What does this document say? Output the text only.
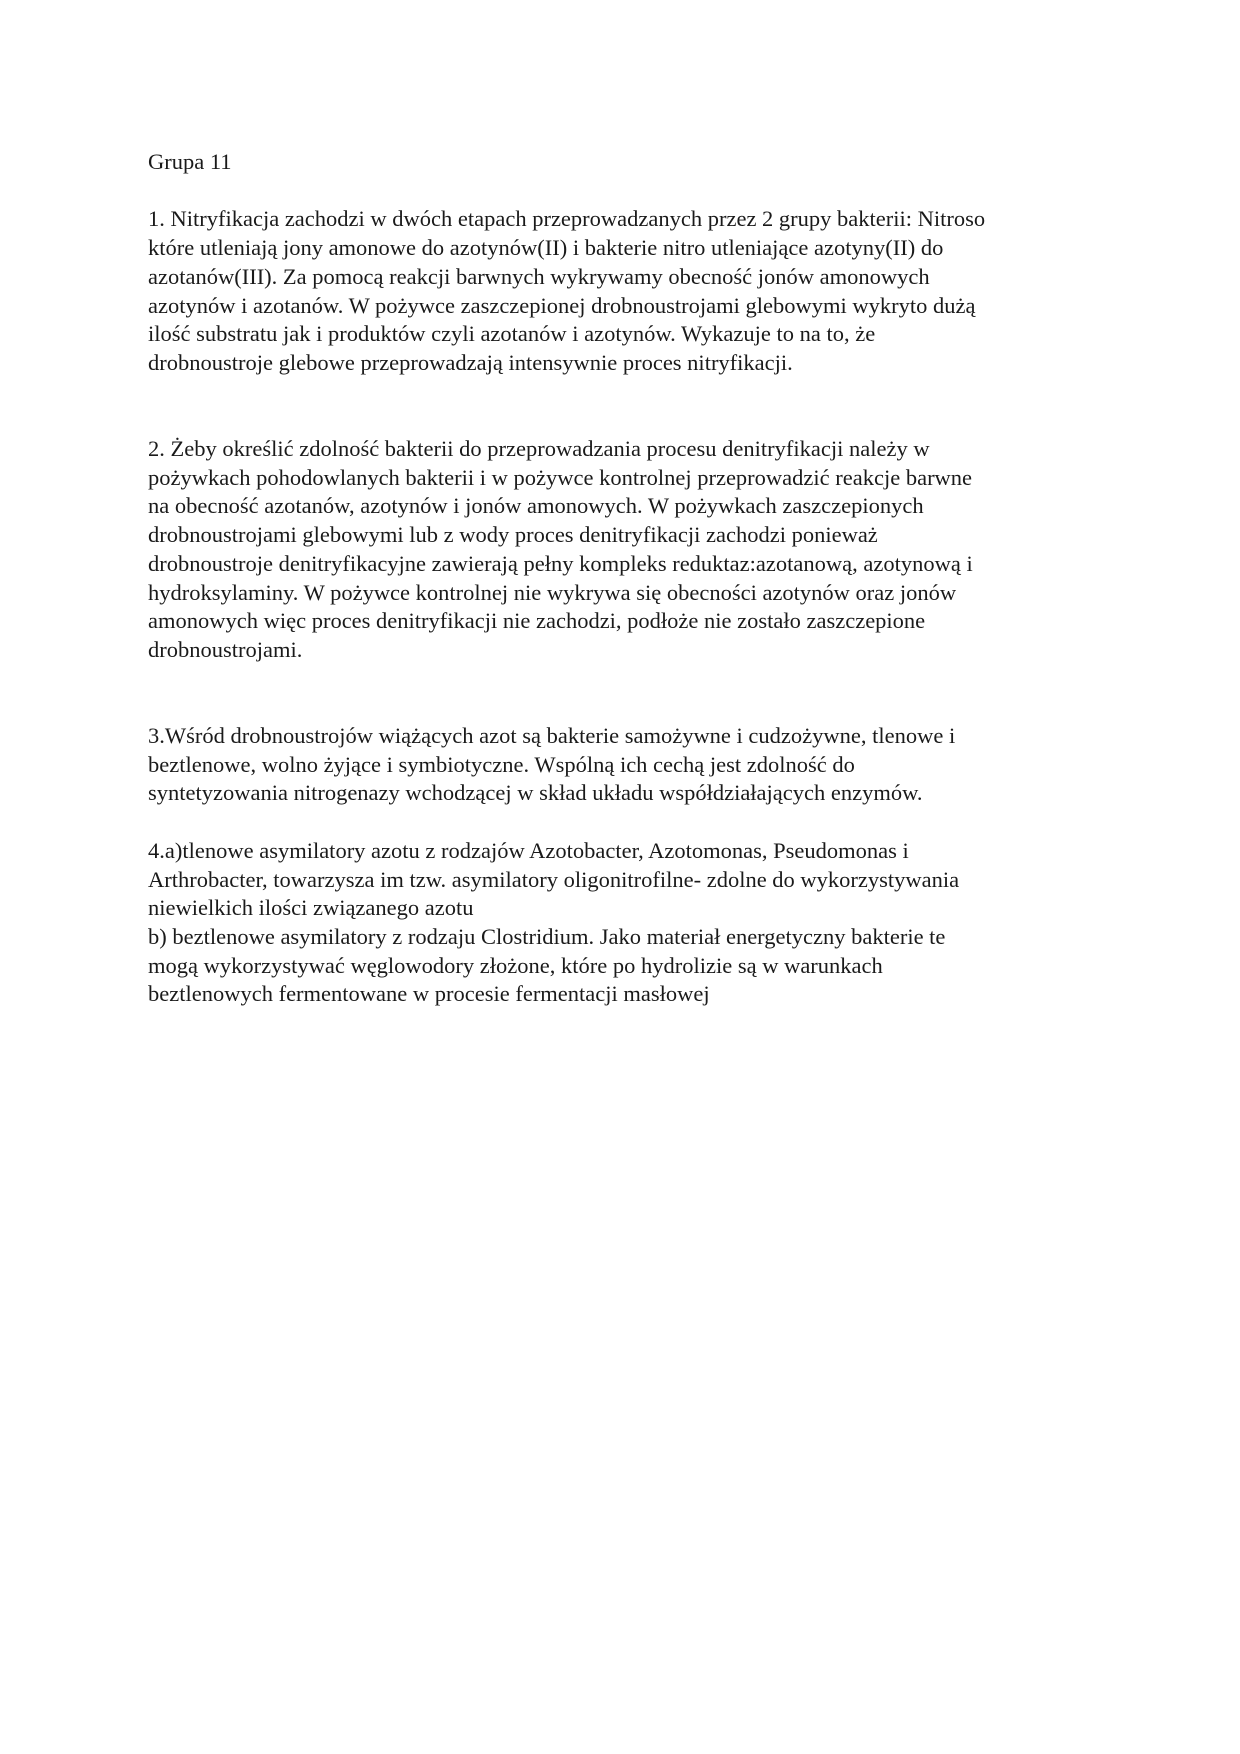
Grupa 11
1. Nitryfikacja zachodzi w dwóch etapach przeprowadzanych przez 2 grupy bakterii: Nitroso
które utleniają jony amonowe do azotynów(II) i bakterie nitro utleniające azotyny(II) do
azotanów(III). Za pomocą reakcji barwnych wykrywamy obecność jonów amonowych
azotynów i azotanów. W pożywce zaszczepionej drobnoustrojami glebowymi wykryto dużą
ilość substratu jak i produktów czyli azotanów i azotynów. Wykazuje to na to, że
drobnoustroje glebowe przeprowadzają intensywnie proces nitryfikacji.
2. Żeby określić zdolność bakterii do przeprowadzania procesu denitryfikacji należy w
pożywkach pohodowlanych bakterii i w pożywce kontrolnej przeprowadzić reakcje barwne
na obecność azotanów, azotynów i jonów amonowych. W pożywkach zaszczepionych
drobnoustrojami glebowymi lub z wody proces denitryfikacji zachodzi ponieważ
drobnoustroje denitryfikacyjne zawierają pełny kompleks reduktaz:azotanową, azotynową i
hydroksylaminy. W pożywce kontrolnej nie wykrywa się obecności azotynów oraz jonów
amonowych więc proces denitryfikacji nie zachodzi, podłoże nie zostało zaszczepione
drobnoustrojami.
3.Wśród drobnoustrojów wiążących azot są bakterie samożywne i cudzożywne, tlenowe i
beztlenowe, wolno żyjące i symbiotyczne. Wspólną ich cechą jest zdolność do
syntetyzowania nitrogenazy wchodzącej w skład układu współdziałających enzymów.
4.a)tlenowe asymilatory azotu z rodzajów Azotobacter, Azotomonas, Pseudomonas i
Arthrobacter, towarzysza im tzw. asymilatory oligonitrofilne- zdolne do wykorzystywania
niewielkich ilości związanego azotu
b) beztlenowe asymilatory z rodzaju Clostridium. Jako materiał energetyczny bakterie te
mogą wykorzystywać węglowodory złożone, które po hydrolizie są w warunkach
beztlenowych fermentowane w procesie fermentacji masłowej
